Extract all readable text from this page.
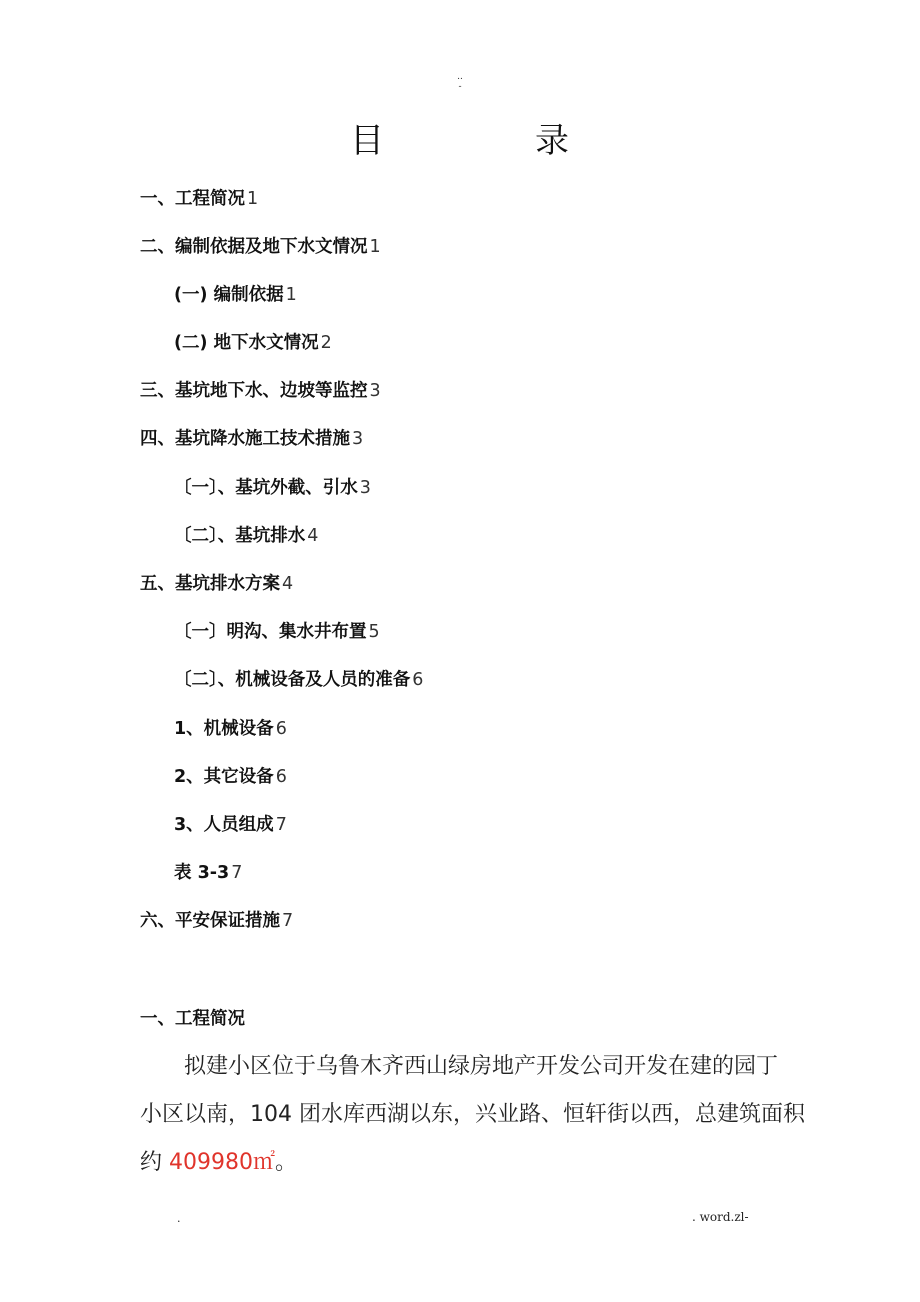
..
-
目	录
一、工程简况 1
二、编制依据及地下水文情况 1
(一) 编制依据 1
(二) 地下水文情况 2
三、基坑地下水、边坡等监控 3
四、基坑降水施工技术措施 3
〔一〕、基坑外截、引水 3
〔二〕、基坑排水 4
五、基坑排水方案 4
〔一〕明沟、集水井布置 5
〔二〕、机械设备及人员的准备 6
1、机械设备 6
2、其它设备 6
3、人员组成 7
表 3-3 7
六、平安保证措施 7
一、工程简况
拟建小区位于乌鲁木齐西山绿房地产开发公司开发在建的园丁
小区以南，104 团水库西湖以东，兴业路、恒轩街以西，总建筑面积
约 409980㎡。
.	. word.zl-
